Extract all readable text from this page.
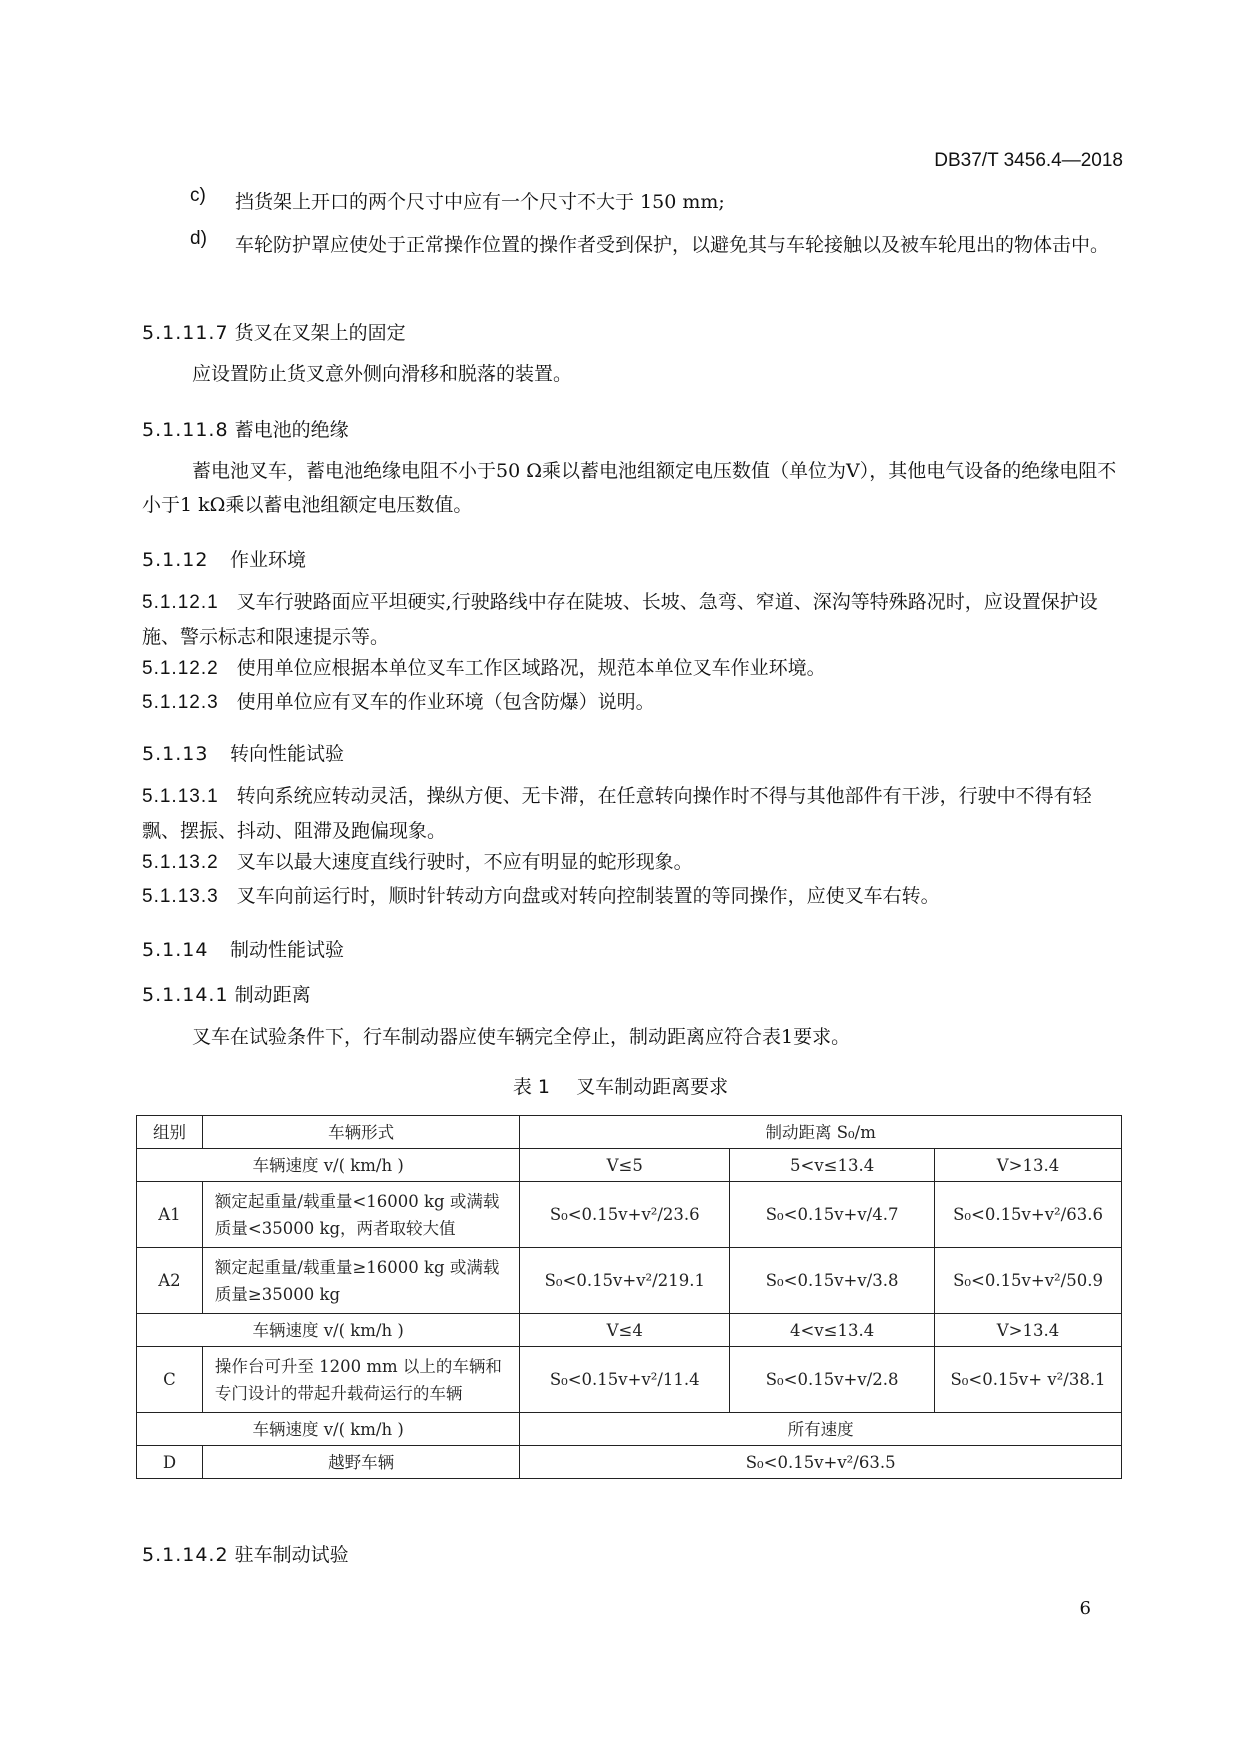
DB37/T 3456.4—2018
c) 挡货架上开口的两个尺寸中应有一个尺寸不大于 150 mm;
d) 车轮防护罩应使处于正常操作位置的操作者受到保护，以避免其与车轮接触以及被车轮甩出的物体击中。
5.1.11.7 货叉在叉架上的固定
应设置防止货叉意外侧向滑移和脱落的装置。
5.1.11.8 蓄电池的绝缘
蓄电池叉车，蓄电池绝缘电阻不小于50 Ω乘以蓄电池组额定电压数值（单位为V），其他电气设备的绝缘电阻不小于1 kΩ乘以蓄电池组额定电压数值。
5.1.12 作业环境
5.1.12.1 叉车行驶路面应平坦硬实,行驶路线中存在陡坡、长坡、急弯、窄道、深沟等特殊路况时，应设置保护设施、警示标志和限速提示等。
5.1.12.2 使用单位应根据本单位叉车工作区域路况，规范本单位叉车作业环境。
5.1.12.3 使用单位应有叉车的作业环境（包含防爆）说明。
5.1.13 转向性能试验
5.1.13.1 转向系统应转动灵活，操纵方便、无卡滞，在任意转向操作时不得与其他部件有干涉，行驶中不得有轻飘、摆振、抖动、阻滞及跑偏现象。
5.1.13.2 叉车以最大速度直线行驶时，不应有明显的蛇形现象。
5.1.13.3 叉车向前运行时，顺时针转动方向盘或对转向控制装置的等同操作，应使叉车右转。
5.1.14 制动性能试验
5.1.14.1 制动距离
叉车在试验条件下，行车制动器应使车辆完全停止，制动距离应符合表1要求。
表 1 叉车制动距离要求
组别	车辆形式	制动距离 S₀/m		
车辆速度 v/( km/h )		V≤5	5<v≤13.4	V>13.4
A1	额定起重量/载重量<16000 kg 或满载质量<35000 kg，两者取较大值	S₀<0.15v+v²/23.6	S₀<0.15v+v/4.7	S₀<0.15v+v²/63.6
A2	额定起重量/载重量≥16000 kg 或满载质量≥35000 kg	S₀<0.15v+v²/219.1	S₀<0.15v+v/3.8	S₀<0.15v+v²/50.9
车辆速度 v/( km/h )		V≤4	4<v≤13.4	V>13.4
C	操作台可升至 1200 mm 以上的车辆和专门设计的带起升载荷运行的车辆	S₀<0.15v+v²/11.4	S₀<0.15v+v/2.8	S₀<0.15v+ v²/38.1
车辆速度 v/( km/h )		所有速度		
D	越野车辆	S₀<0.15v+v²/63.5		
5.1.14.2 驻车制动试验
6
